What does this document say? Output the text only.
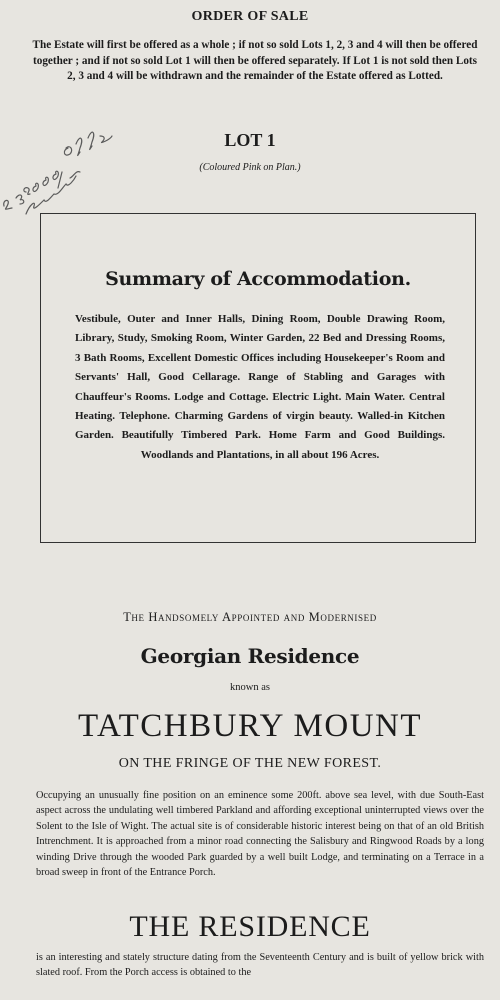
ORDER OF SALE
The Estate will first be offered as a whole ; if not so sold Lots 1, 2, 3 and 4 will then be offered together ; and if not so sold Lot 1 will then be offered separately. If Lot 1 is not sold then Lots 2, 3 and 4 will be withdrawn and the remainder of the Estate offered as Lotted.
LOT 1
(Coloured Pink on Plan.)
Summary of Accommodation.
Vestibule, Outer and Inner Halls, Dining Room, Double Drawing Room, Library, Study, Smoking Room, Winter Garden, 22 Bed and Dressing Rooms, 3 Bath Rooms, Excellent Domestic Offices including Housekeeper's Room and Servants' Hall, Good Cellarage. Range of Stabling and Garages with Chauffeur's Rooms. Lodge and Cottage. Electric Light. Main Water. Central Heating. Telephone. Charming Gardens of virgin beauty. Walled-in Kitchen Garden. Beautifully Timbered Park. Home Farm and Good Buildings. Woodlands and Plantations, in all about 196 Acres.
The Handsomely Appointed and Modernised
Georgian Residence
known as
TATCHBURY MOUNT
ON THE FRINGE OF THE NEW FOREST.
Occupying an unusually fine position on an eminence some 200ft. above sea level, with due South-East aspect across the undulating well timbered Parkland and affording exceptional uninterrupted views over the Solent to the Isle of Wight. The actual site is of considerable historic interest being on that of an old British Intrenchment. It is approached from a minor road connecting the Salisbury and Ringwood Roads by a long winding Drive through the wooded Park guarded by a well built Lodge, and terminating on a Terrace in a broad sweep in front of the Entrance Porch.
THE RESIDENCE
is an interesting and stately structure dating from the Seventeenth Century and is built of yellow brick with slated roof. From the Porch access is obtained to the
